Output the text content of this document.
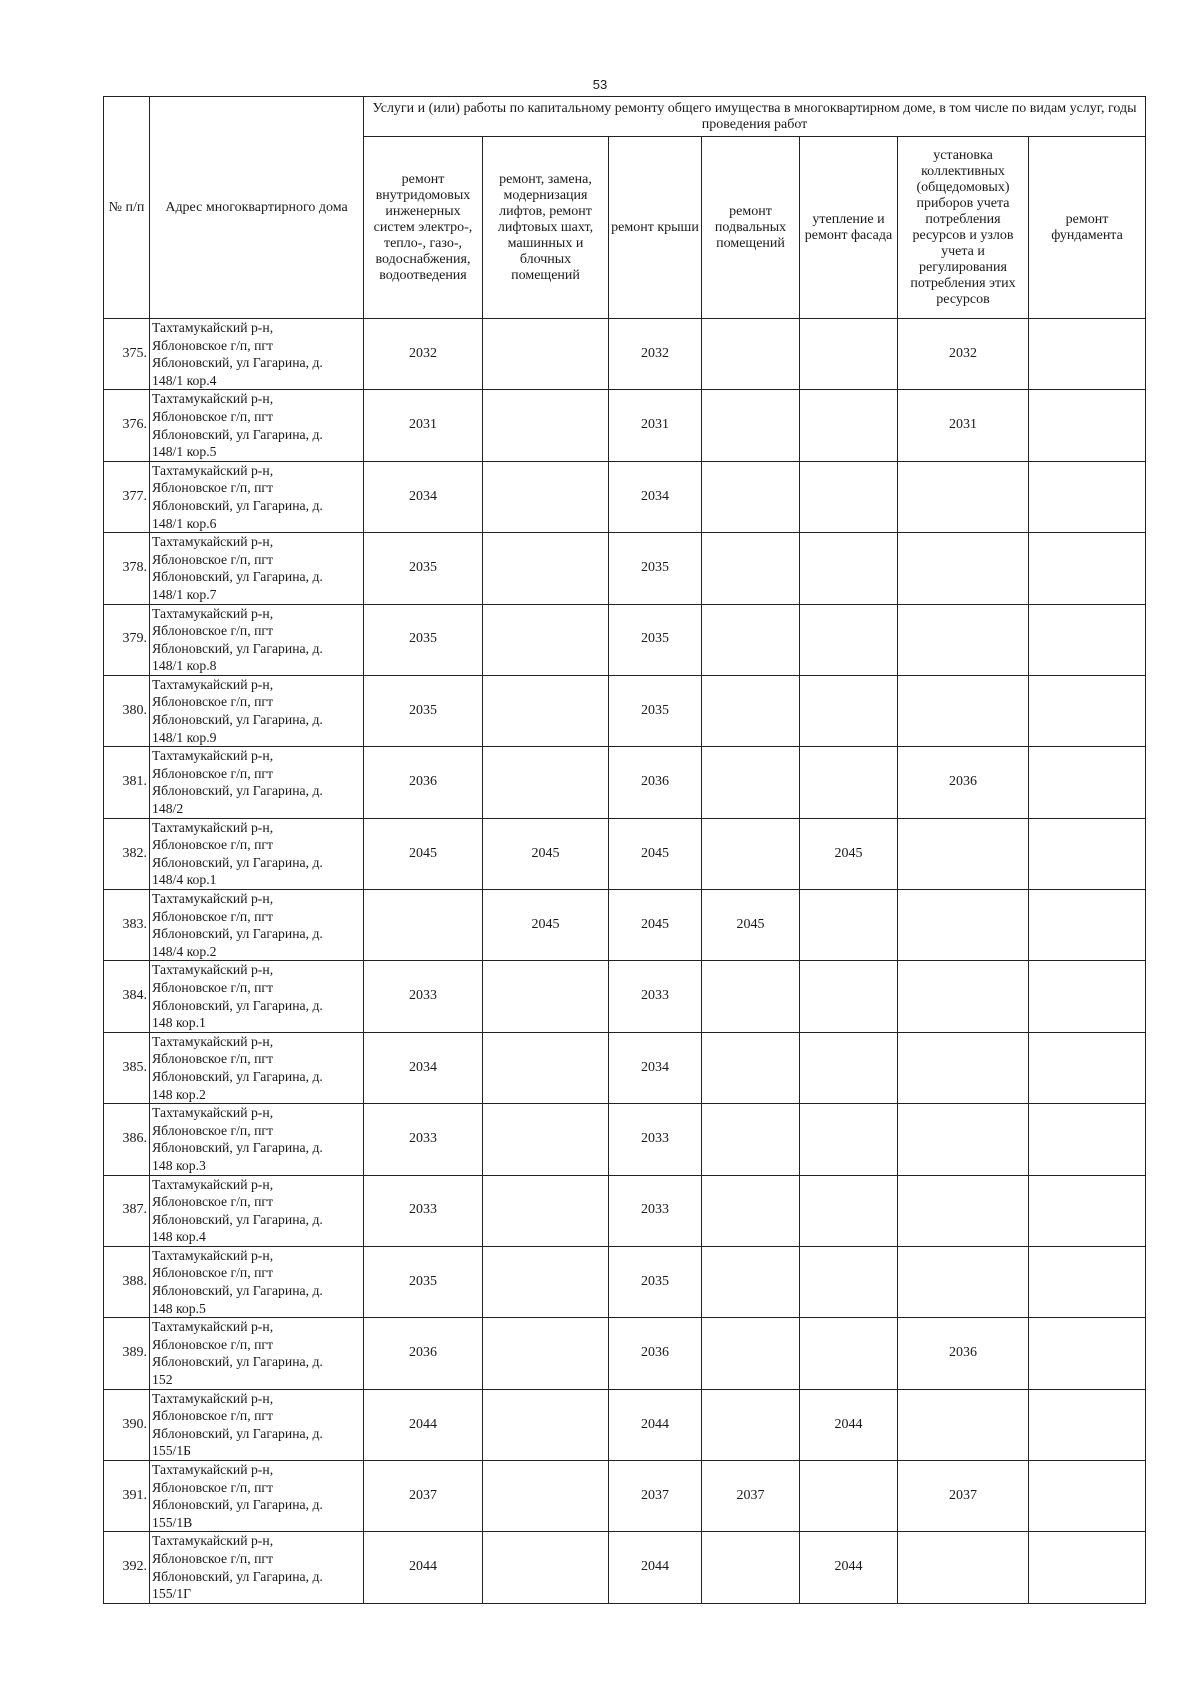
53
№ п/п	Адрес многоквартирного дома	Услуги и (или) работы по капитальному ремонту общего имущества в многоквартирном доме, в том числе по видам услуг, годы проведения работ						
		ремонт внутридомовых инженерных систем электро-, тепло-, газо-, водоснабжения, водоотведения	ремонт, замена, модернизация лифтов, ремонт лифтовых шахт, машинных и блочных помещений	ремонт крыши	ремонт подвальных помещений	утепление и ремонт фасада	установка коллективных (общедомовых) приборов учета потребления ресурсов и узлов учета и регулирования потребления этих ресурсов	ремонт фундамента
375.	Тахтамукайский р-н,
Яблоновское г/п, пгт
Яблоновский, ул Гагарина, д.
148/1 кор.4	2032		2032			2032	
376.	Тахтамукайский р-н,
Яблоновское г/п, пгт
Яблоновский, ул Гагарина, д.
148/1 кор.5	2031		2031			2031	
377.	Тахтамукайский р-н,
Яблоновское г/п, пгт
Яблоновский, ул Гагарина, д.
148/1 кор.6	2034		2034				
378.	Тахтамукайский р-н,
Яблоновское г/п, пгт
Яблоновский, ул Гагарина, д.
148/1 кор.7	2035		2035				
379.	Тахтамукайский р-н,
Яблоновское г/п, пгт
Яблоновский, ул Гагарина, д.
148/1 кор.8	2035		2035				
380.	Тахтамукайский р-н,
Яблоновское г/п, пгт
Яблоновский, ул Гагарина, д.
148/1 кор.9	2035		2035				
381.	Тахтамукайский р-н,
Яблоновское г/п, пгт
Яблоновский, ул Гагарина, д.
148/2	2036		2036			2036	
382.	Тахтамукайский р-н,
Яблоновское г/п, пгт
Яблоновский, ул Гагарина, д.
148/4 кор.1	2045	2045	2045		2045		
383.	Тахтамукайский р-н,
Яблоновское г/п, пгт
Яблоновский, ул Гагарина, д.
148/4 кор.2		2045	2045	2045			
384.	Тахтамукайский р-н,
Яблоновское г/п, пгт
Яблоновский, ул Гагарина, д.
148 кор.1	2033		2033				
385.	Тахтамукайский р-н,
Яблоновское г/п, пгт
Яблоновский, ул Гагарина, д.
148 кор.2	2034		2034				
386.	Тахтамукайский р-н,
Яблоновское г/п, пгт
Яблоновский, ул Гагарина, д.
148 кор.3	2033		2033				
387.	Тахтамукайский р-н,
Яблоновское г/п, пгт
Яблоновский, ул Гагарина, д.
148 кор.4	2033		2033				
388.	Тахтамукайский р-н,
Яблоновское г/п, пгт
Яблоновский, ул Гагарина, д.
148 кор.5	2035		2035				
389.	Тахтамукайский р-н,
Яблоновское г/п, пгт
Яблоновский, ул Гагарина, д.
152	2036		2036			2036	
390.	Тахтамукайский р-н,
Яблоновское г/п, пгт
Яблоновский, ул Гагарина, д.
155/1Б	2044		2044		2044		
391.	Тахтамукайский р-н,
Яблоновское г/п, пгт
Яблоновский, ул Гагарина, д.
155/1В	2037		2037	2037		2037	
392.	Тахтамукайский р-н,
Яблоновское г/п, пгт
Яблоновский, ул Гагарина, д.
155/1Г	2044		2044		2044		
